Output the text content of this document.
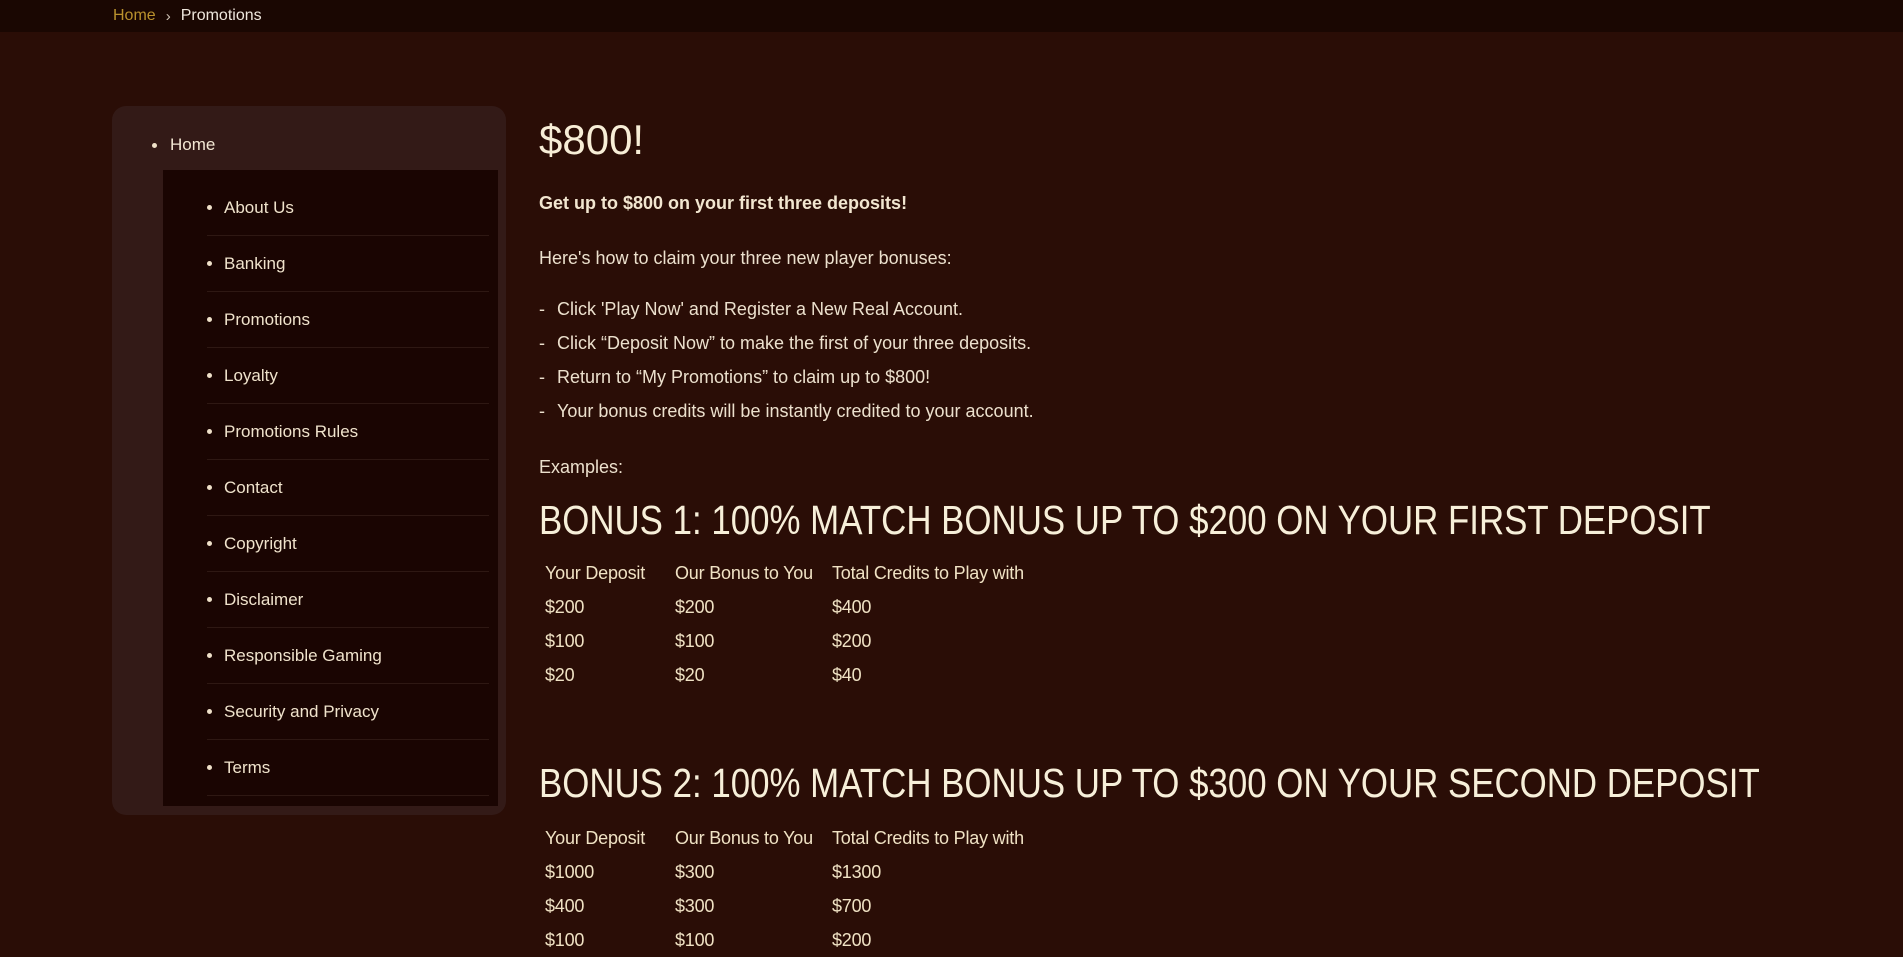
Home › Promotions
Home
About Us
Banking
Promotions
Loyalty
Promotions Rules
Contact
Copyright
Disclaimer
Responsible Gaming
Security and Privacy
Terms
$800!

Get up to $800 on your first three deposits!

Here's how to claim your three new player bonuses:

- Click 'Play Now' and Register a New Real Account.
- Click “Deposit Now” to make the first of your three deposits.
- Return to “My Promotions” to claim up to $800!
- Your bonus credits will be instantly credited to your account.

Examples:

BONUS 1: 100% MATCH BONUS UP TO $200 ON YOUR FIRST DEPOSIT
Your Deposit	Our Bonus to You	Total Credits to Play with
$200	$200	$400
$100	$100	$200
$20	$20	$40
BONUS 2: 100% MATCH BONUS UP TO $300 ON YOUR SECOND DEPOSIT
Your Deposit	Our Bonus to You	Total Credits to Play with
$1000	$300	$1300
$400	$300	$700
$100	$100	$200
